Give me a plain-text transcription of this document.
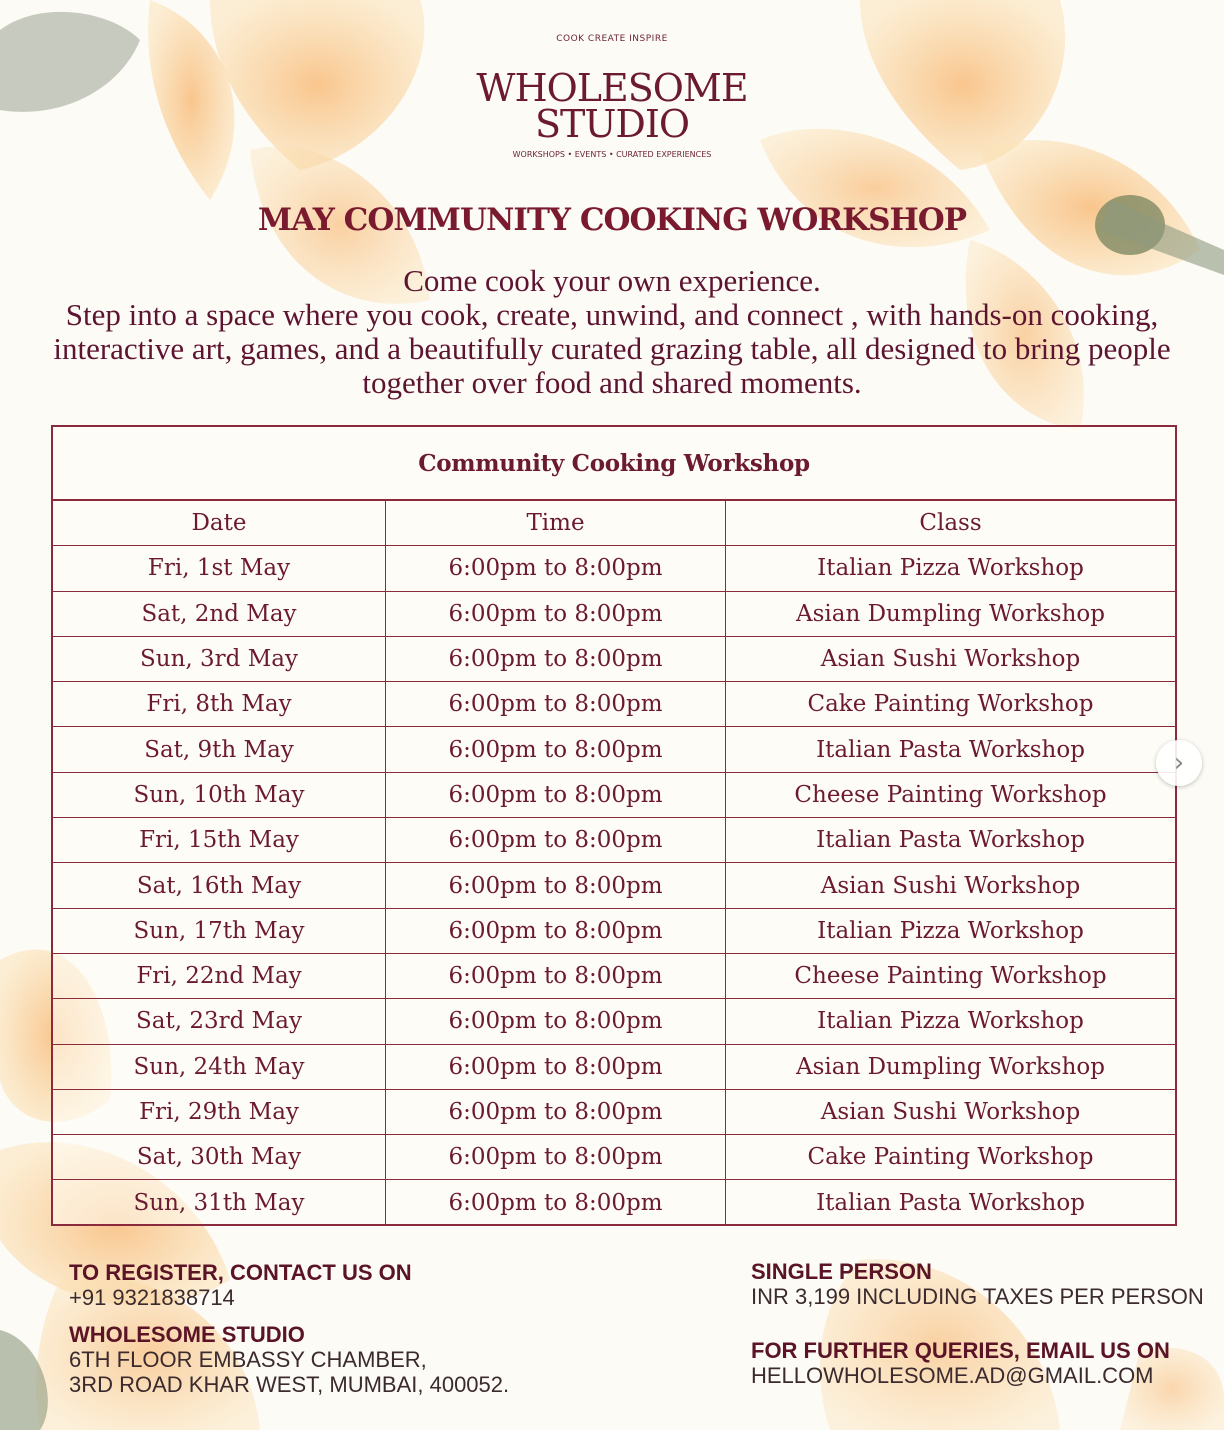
COOK CREATE INSPIRE
WHOLESOME
STUDIO
WORKSHOPS • EVENTS • CURATED EXPERIENCES
MAY COMMUNITY COOKING WORKSHOP
Come cook your own experience.
Step into a space where you cook, create, unwind, and connect , with hands-on cooking,
interactive art, games, and a beautifully curated grazing table, all designed to bring people
together over food and shared moments.
Community Cooking Workshop
Date	Time	Class
Fri, 1st May	6:00pm to 8:00pm	Italian Pizza Workshop
Sat, 2nd May	6:00pm to 8:00pm	Asian Dumpling Workshop
Sun, 3rd May	6:00pm to 8:00pm	Asian Sushi Workshop
Fri, 8th May	6:00pm to 8:00pm	Cake Painting Workshop
Sat, 9th May	6:00pm to 8:00pm	Italian Pasta Workshop
Sun, 10th May	6:00pm to 8:00pm	Cheese Painting Workshop
Fri, 15th May	6:00pm to 8:00pm	Italian Pasta Workshop
Sat, 16th May	6:00pm to 8:00pm	Asian Sushi Workshop
Sun, 17th May	6:00pm to 8:00pm	Italian Pizza Workshop
Fri, 22nd May	6:00pm to 8:00pm	Cheese Painting Workshop
Sat, 23rd May	6:00pm to 8:00pm	Italian Pizza Workshop
Sun, 24th May	6:00pm to 8:00pm	Asian Dumpling Workshop
Fri, 29th May	6:00pm to 8:00pm	Asian Sushi Workshop
Sat, 30th May	6:00pm to 8:00pm	Cake Painting Workshop
Sun, 31th May	6:00pm to 8:00pm	Italian Pasta Workshop
›
TO REGISTER, CONTACT US ON
+91 9321838714
WHOLESOME STUDIO
6TH FLOOR EMBASSY CHAMBER,
3RD ROAD KHAR WEST, MUMBAI, 400052.
SINGLE PERSON
INR 3,199 INCLUDING TAXES PER PERSON
FOR FURTHER QUERIES, EMAIL US ON
HELLOWHOLESOME.AD@GMAIL.COM
